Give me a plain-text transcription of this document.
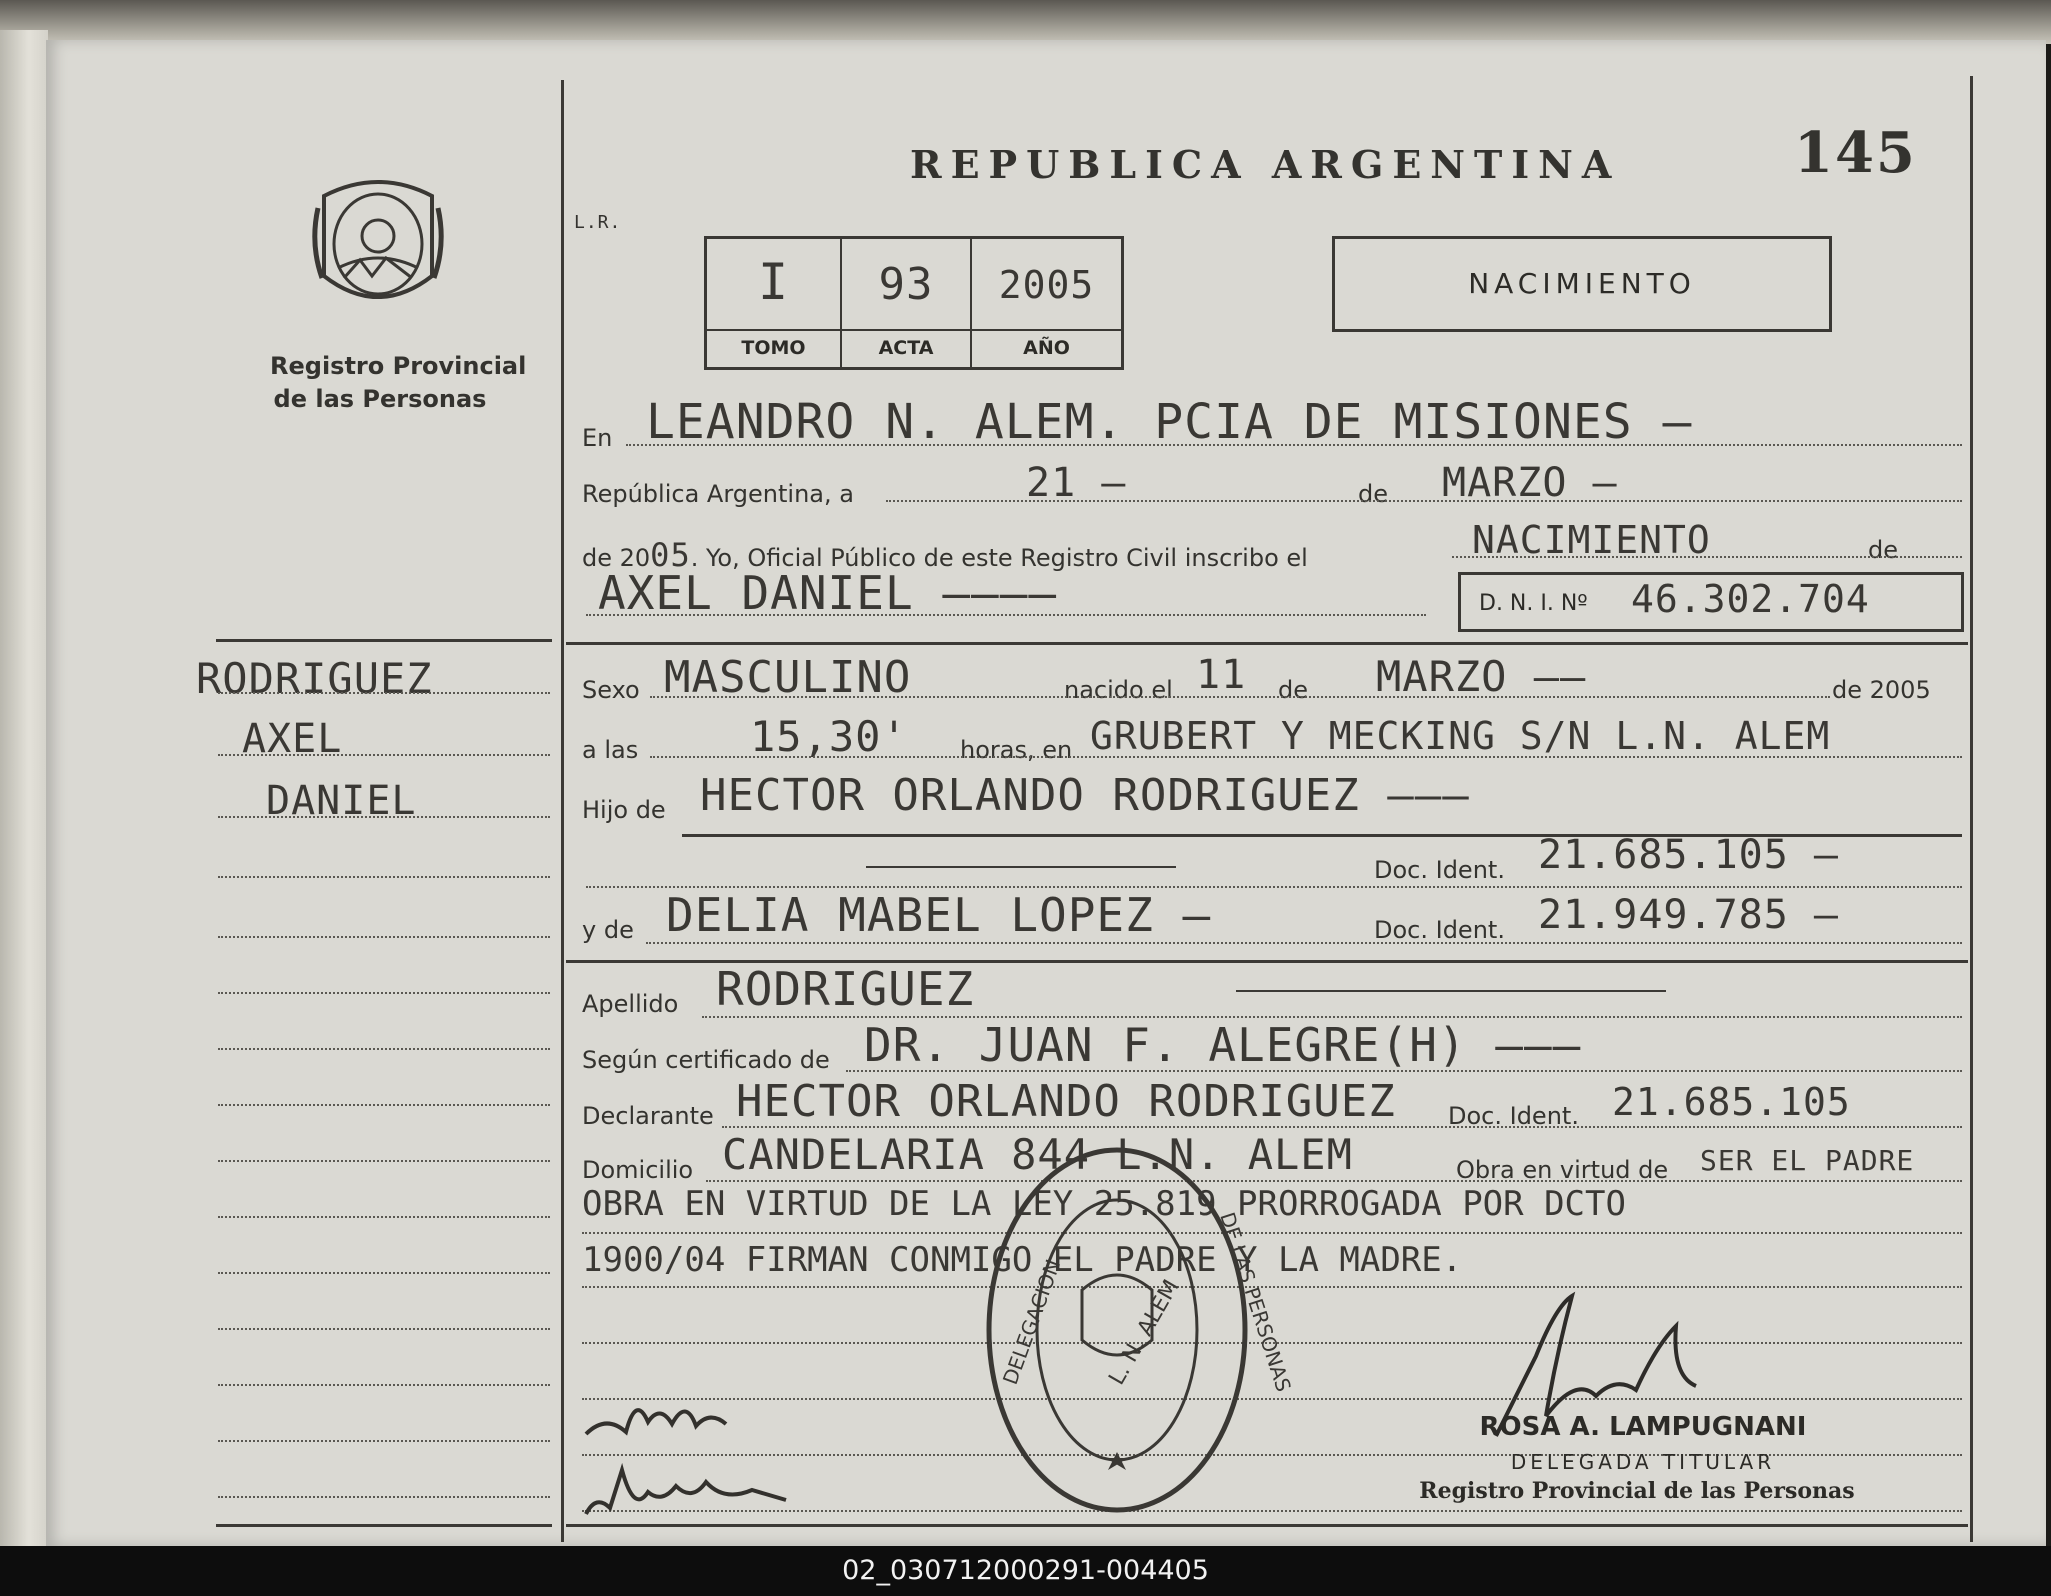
Registro Provincial
de las Personas
REPUBLICA ARGENTINA	145
L.R.
I	93	2005
TOMO	ACTA	AÑO
NACIMIENTO
RODRIGUEZ
AXEL
DANIEL
En LEANDRO N. ALEM. PCIA DE MISIONES —
República Argentina, a	21 —	de MARZO —
de 2005. Yo, Oficial Público de este Registro Civil inscribo el	NACIMIENTO	de
AXEL DANIEL ————	D. N. I. Nº 46.302.704
Sexo MASCULINO	nacido el 11 de MARZO ——	de 2005
a las	15,30' horas, en GRUBERT Y MECKING S/N L.N. ALEM
Hijo de HECTOR ORLANDO RODRIGUEZ ———
Doc. Ident. 21.685.105 —
y de DELIA MABEL LOPEZ —	Doc. Ident. 21.949.785 —
Apellido RODRIGUEZ
Según certificado de DR. JUAN F. ALEGRE(H) ———
Declarante HECTOR ORLANDO RODRIGUEZ Doc. Ident. 21.685.105
Domicilio CANDELARIA 844 L.N. ALEM	Obra en virtud de SER EL PADRE
OBRA EN VIRTUD DE LA LEY 25.819 PRORROGADA POR DCTO
1900/04 FIRMAN CONMIGO EL PADRE Y LA MADRE.
DELEGACION	DE LAS PERSONAS
L. N. ALEM
ROSA A. LAMPUGNANI
DELEGADA TITULAR
Registro Provincial de las Personas
02_030712000291-004405
